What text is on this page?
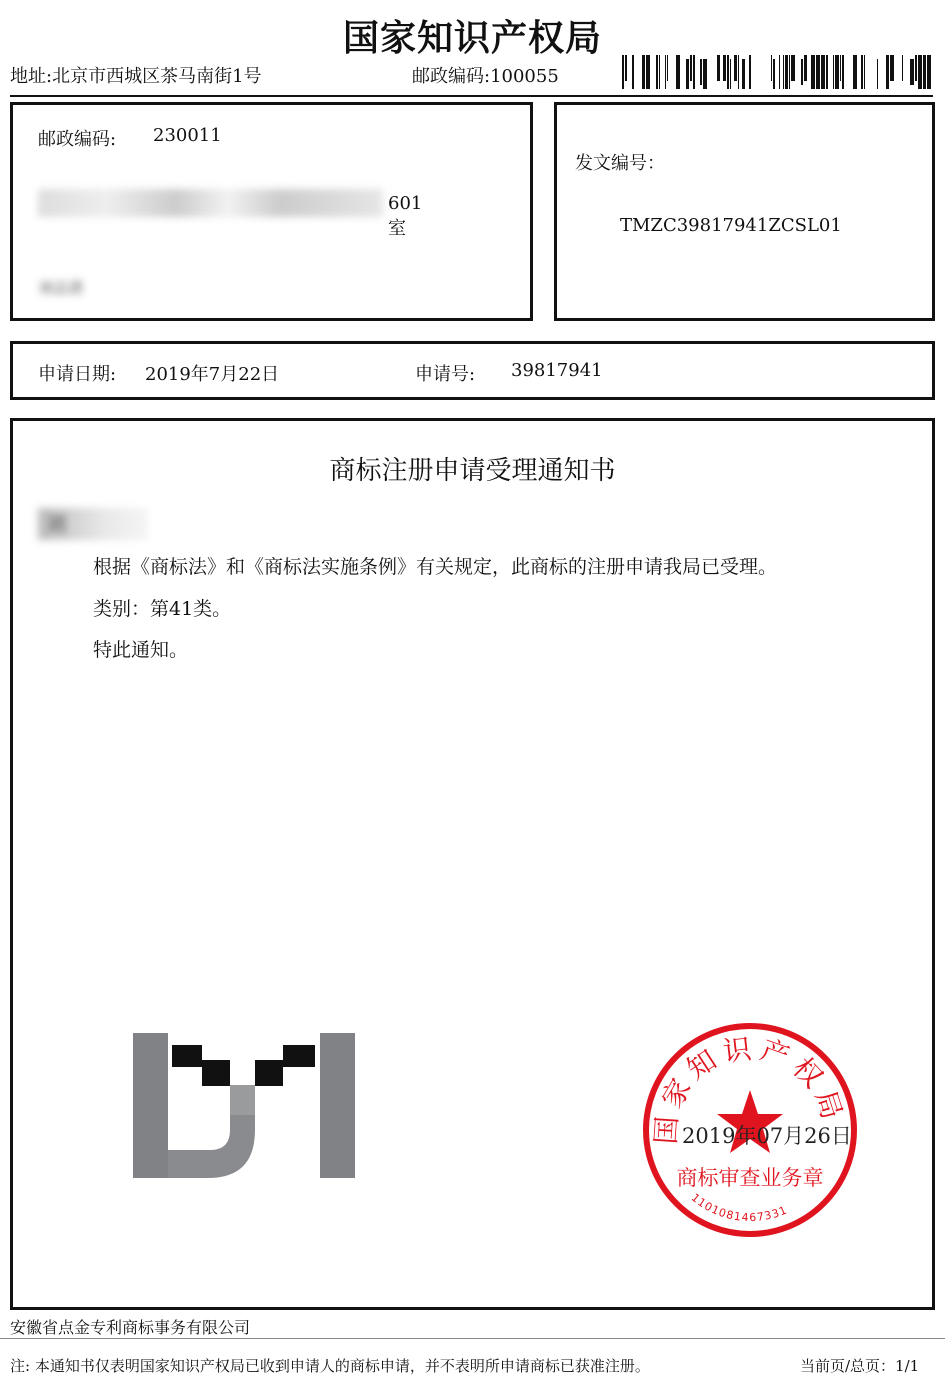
国家知识产权局
地址:北京市西城区茶马南街1号	邮政编码:100055
邮政编码: 230011
601室
刘志清
发文编号：
TMZC39817941ZCSL01
申请日期: 2019年7月22日	申请号: 39817941
商标注册申请受理通知书
刘
根据《商标法》和《商标法实施条例》有关规定，此商标的注册申请我局已受理。
类别：第41类。
特此通知。
国家知识产权局
商标审查业务章
1101081467331
2019年07月26日
安徽省点金专利商标事务有限公司
注: 本通知书仅表明国家知识产权局已收到申请人的商标申请，并不表明所申请商标已获准注册。	当前页/总页：1/1
